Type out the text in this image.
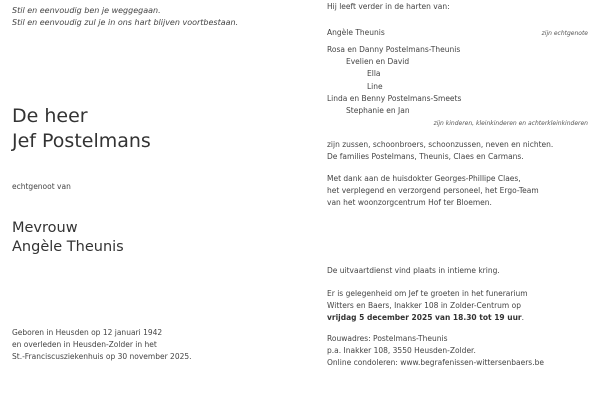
Stil en eenvoudig ben je weggegaan.
Stil en eenvoudig zul je in ons hart blijven voortbestaan.
De heer
Jef Postelmans
echtgenoot van
Mevrouw
Angèle Theunis
Geboren in Heusden op 12 januari 1942
en overleden in Heusden-Zolder in het
St.-Franciscusziekenhuis op 30 november 2025.
Hij leeft verder in de harten van:
Angèle Theunis	zijn echtgenote
Rosa en Danny Postelmans-Theunis
Evelien en David
Ella
Line
Linda en Benny Postelmans-Smeets
Stephanie en Jan
zijn kinderen, kleinkinderen en achterkleinkinderen
zijn zussen, schoonbroers, schoonzussen, neven en nichten.
De families Postelmans, Theunis, Claes en Carmans.
Met dank aan de huisdokter Georges-Phillipe Claes,
het verplegend en verzorgend personeel, het Ergo-Team
van het woonzorgcentrum Hof ter Bloemen.
De uitvaartdienst vind plaats in intieme kring.
Er is gelegenheid om Jef te groeten in het funerarium
Witters en Baers, Inakker 108 in Zolder-Centrum op
vrijdag 5 december 2025 van 18.30 tot 19 uur.
Rouwadres: Postelmans-Theunis
p.a. Inakker 108, 3550 Heusden-Zolder.
Online condoleren: www.begrafenissen-wittersenbaers.be
